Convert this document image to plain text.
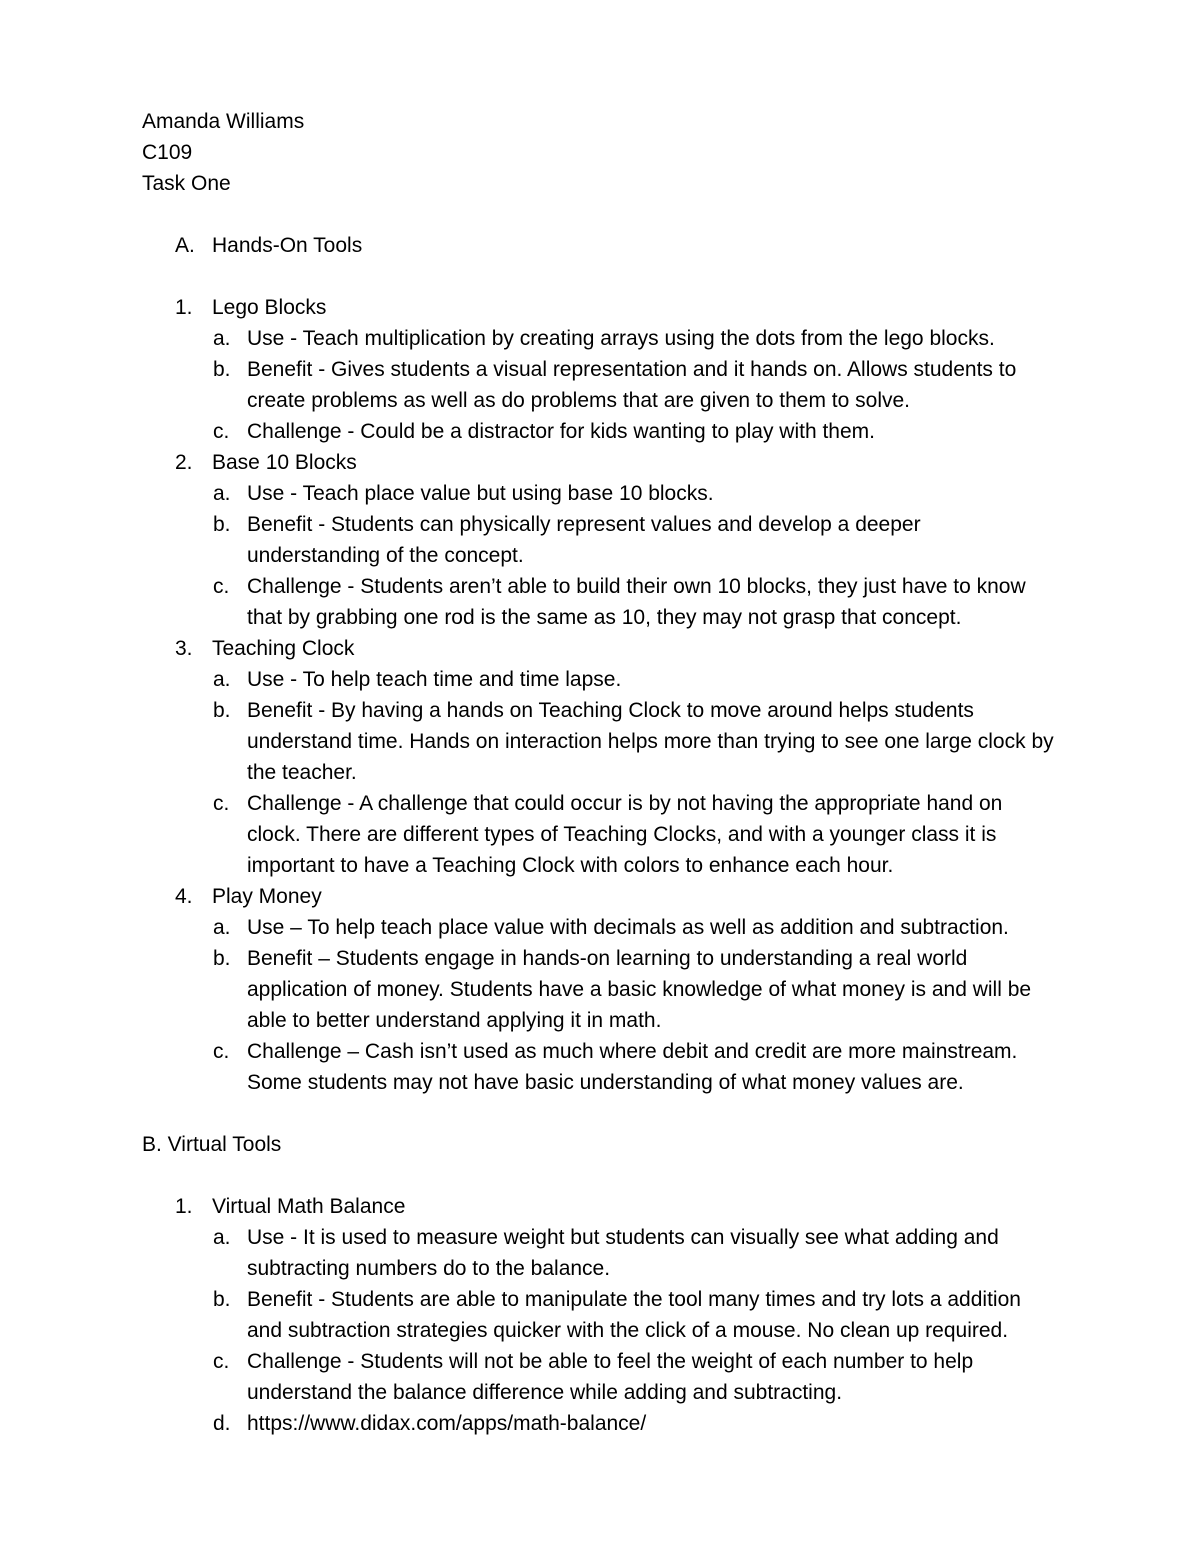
Amanda Williams
C109
Task One
A. Hands-On Tools
1. Lego Blocks
a. Use - Teach multiplication by creating arrays using the dots from the lego blocks.
b. Benefit - Gives students a visual representation and it hands on. Allows students to create problems as well as do problems that are given to them to solve.
c. Challenge - Could be a distractor for kids wanting to play with them.
2. Base 10 Blocks
a. Use - Teach place value but using base 10 blocks.
b. Benefit - Students can physically represent values and develop a deeper understanding of the concept.
c. Challenge - Students aren’t able to build their own 10 blocks, they just have to know that by grabbing one rod is the same as 10, they may not grasp that concept.
3. Teaching Clock
a. Use - To help teach time and time lapse.
b. Benefit - By having a hands on Teaching Clock to move around helps students understand time. Hands on interaction helps more than trying to see one large clock by the teacher.
c. Challenge - A challenge that could occur is by not having the appropriate hand on clock. There are different types of Teaching Clocks, and with a younger class it is important to have a Teaching Clock with colors to enhance each hour.
4. Play Money
a. Use – To help teach place value with decimals as well as addition and subtraction.
b. Benefit – Students engage in hands-on learning to understanding a real world application of money. Students have a basic knowledge of what money is and will be able to better understand applying it in math.
c. Challenge – Cash isn’t used as much where debit and credit are more mainstream. Some students may not have basic understanding of what money values are.
B. Virtual Tools
1. Virtual Math Balance
a. Use - It is used to measure weight but students can visually see what adding and subtracting numbers do to the balance.
b. Benefit - Students are able to manipulate the tool many times and try lots a addition and subtraction strategies quicker with the click of a mouse. No clean up required.
c. Challenge - Students will not be able to feel the weight of each number to help understand the balance difference while adding and subtracting.
d. https://www.didax.com/apps/math-balance/
